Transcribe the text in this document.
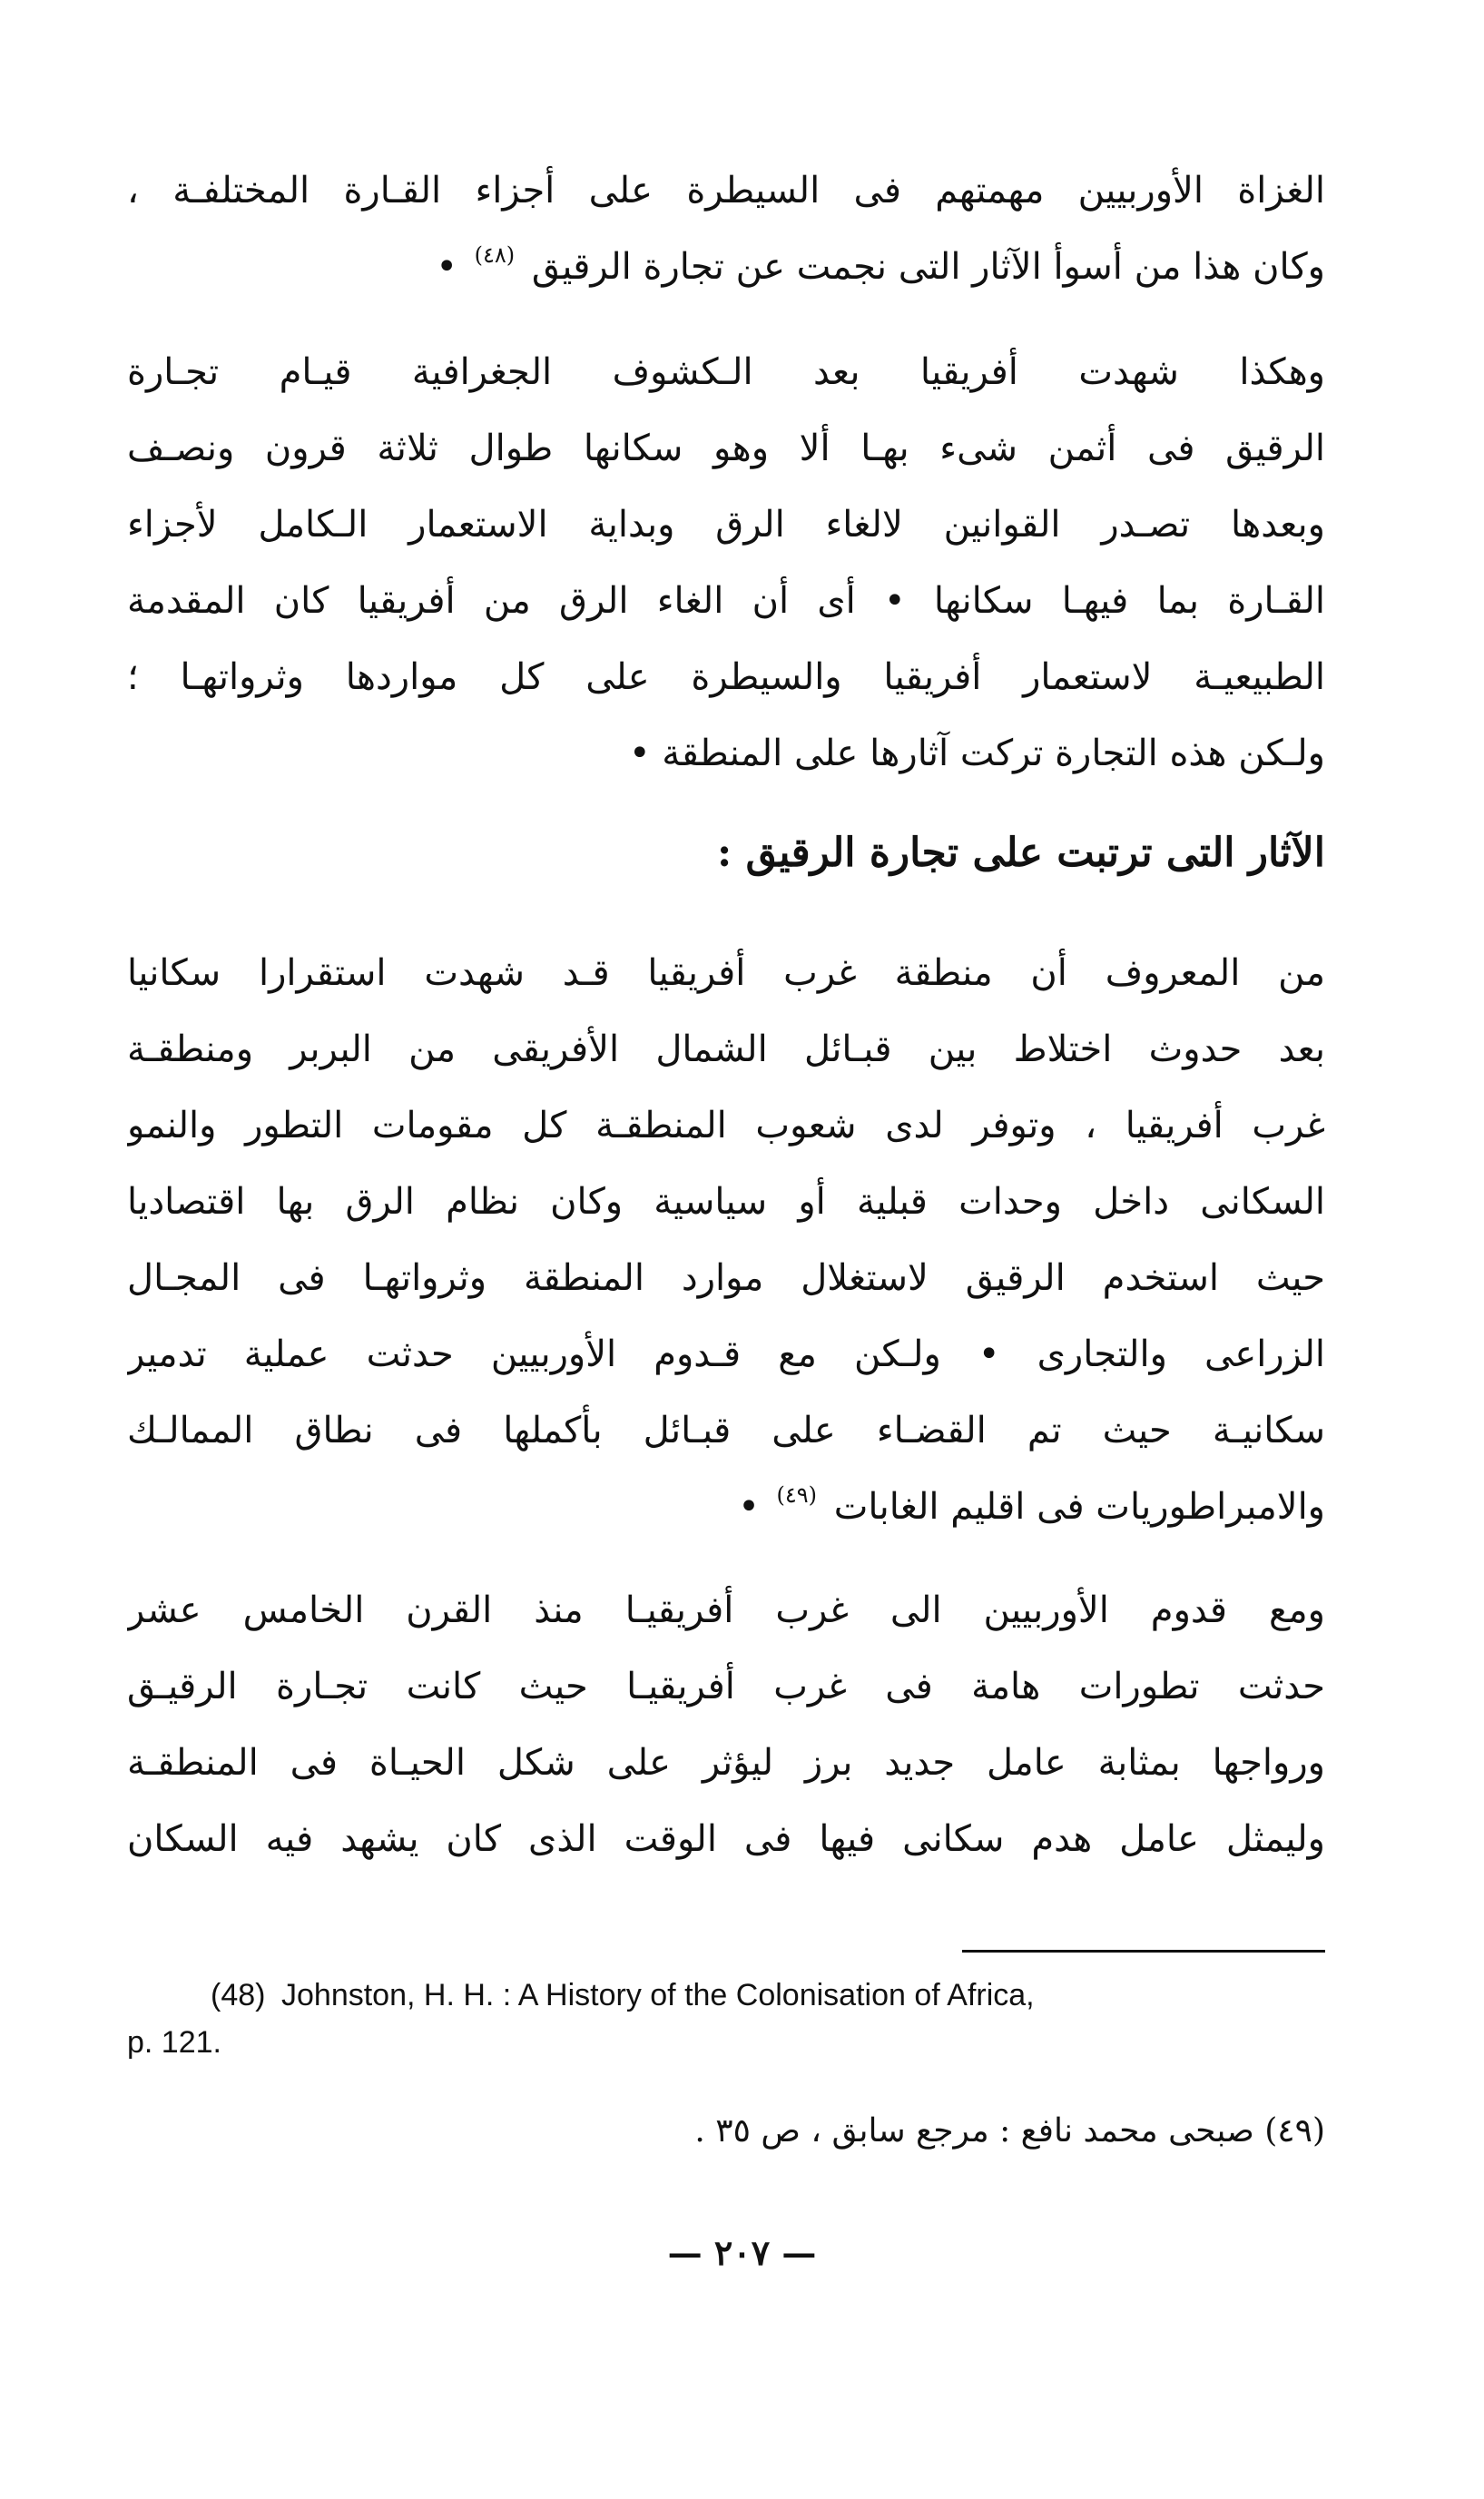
الغزاة الأوربيين مهمتهم فى السيطرة على أجزاء القـارة المختلفـة ،
وكان هذا من أسوأ الآثار التى نجمت عن تجارة الرقيق $^{(٤٨)}$ •
وهكذا شهدت أفريقيا بعد الـكشوف الجغرافية قيـام تجـارة
الرقيق فى أثمن شىء بهـا ألا وهو سكانها طوال ثلاثة قرون ونصـف
وبعدها تصـدر القوانين لالغاء الرق وبداية الاستعمار الـكامل لأجزاء
القـارة بما فيهـا سكانها • أى أن الغاء الرق من أفريقيا كان المقدمة
الطبيعيـة لاستعمار أفريقيا والسيطرة على كل مواردها وثرواتهـا ؛
ولـكن هذه التجارة تركت آثارها على المنطقة •
الآثار التى ترتبت على تجارة الرقيق :
من المعروف أن منطقة غرب أفريقيا قـد شهدت استقرارا سكانيا
بعد حدوث اختلاط بين قبـائل الشمال الأفريقى من البربر ومنطقـة
غرب أفريقيا ، وتوفر لدى شعوب المنطقـة كل مقومات التطور والنمو
السكانى داخل وحدات قبلية أو سياسية وكان نظام الرق بها اقتصاديا
حيث استخدم الرقيق لاستغلال موارد المنطقة وثرواتهـا فى المجـال
الزراعى والتجارى • ولـكن مع قـدوم الأوربيين حدثت عملية تدمير
سكانيـة حيث تم القضـاء على قبـائل بأكملها فى نطاق الممالـك
والامبراطوريات فى اقليم الغابات $^{(٤٩)}$ •
ومع قدوم الأوربيين الى غرب أفريقيـا منذ القرن الخامس عشر
حدثت تطورات هامة فى غرب أفريقيـا حيث كانت تجـارة الرقيـق
ورواجها بمثابة عامل جديد برز ليؤثر على شكل الحيـاة فى المنطقـة
وليمثل عامل هدم سكانى فيها فى الوقت الذى كان يشهد فيه السكان
(48) Johnston, H. H. : A History of the Colonisation of Africa,
p. 121.
(٤٩) صبحى محمد نافع : مرجع سابق ، ص ٣٥ .
— ٢٠٧ —
